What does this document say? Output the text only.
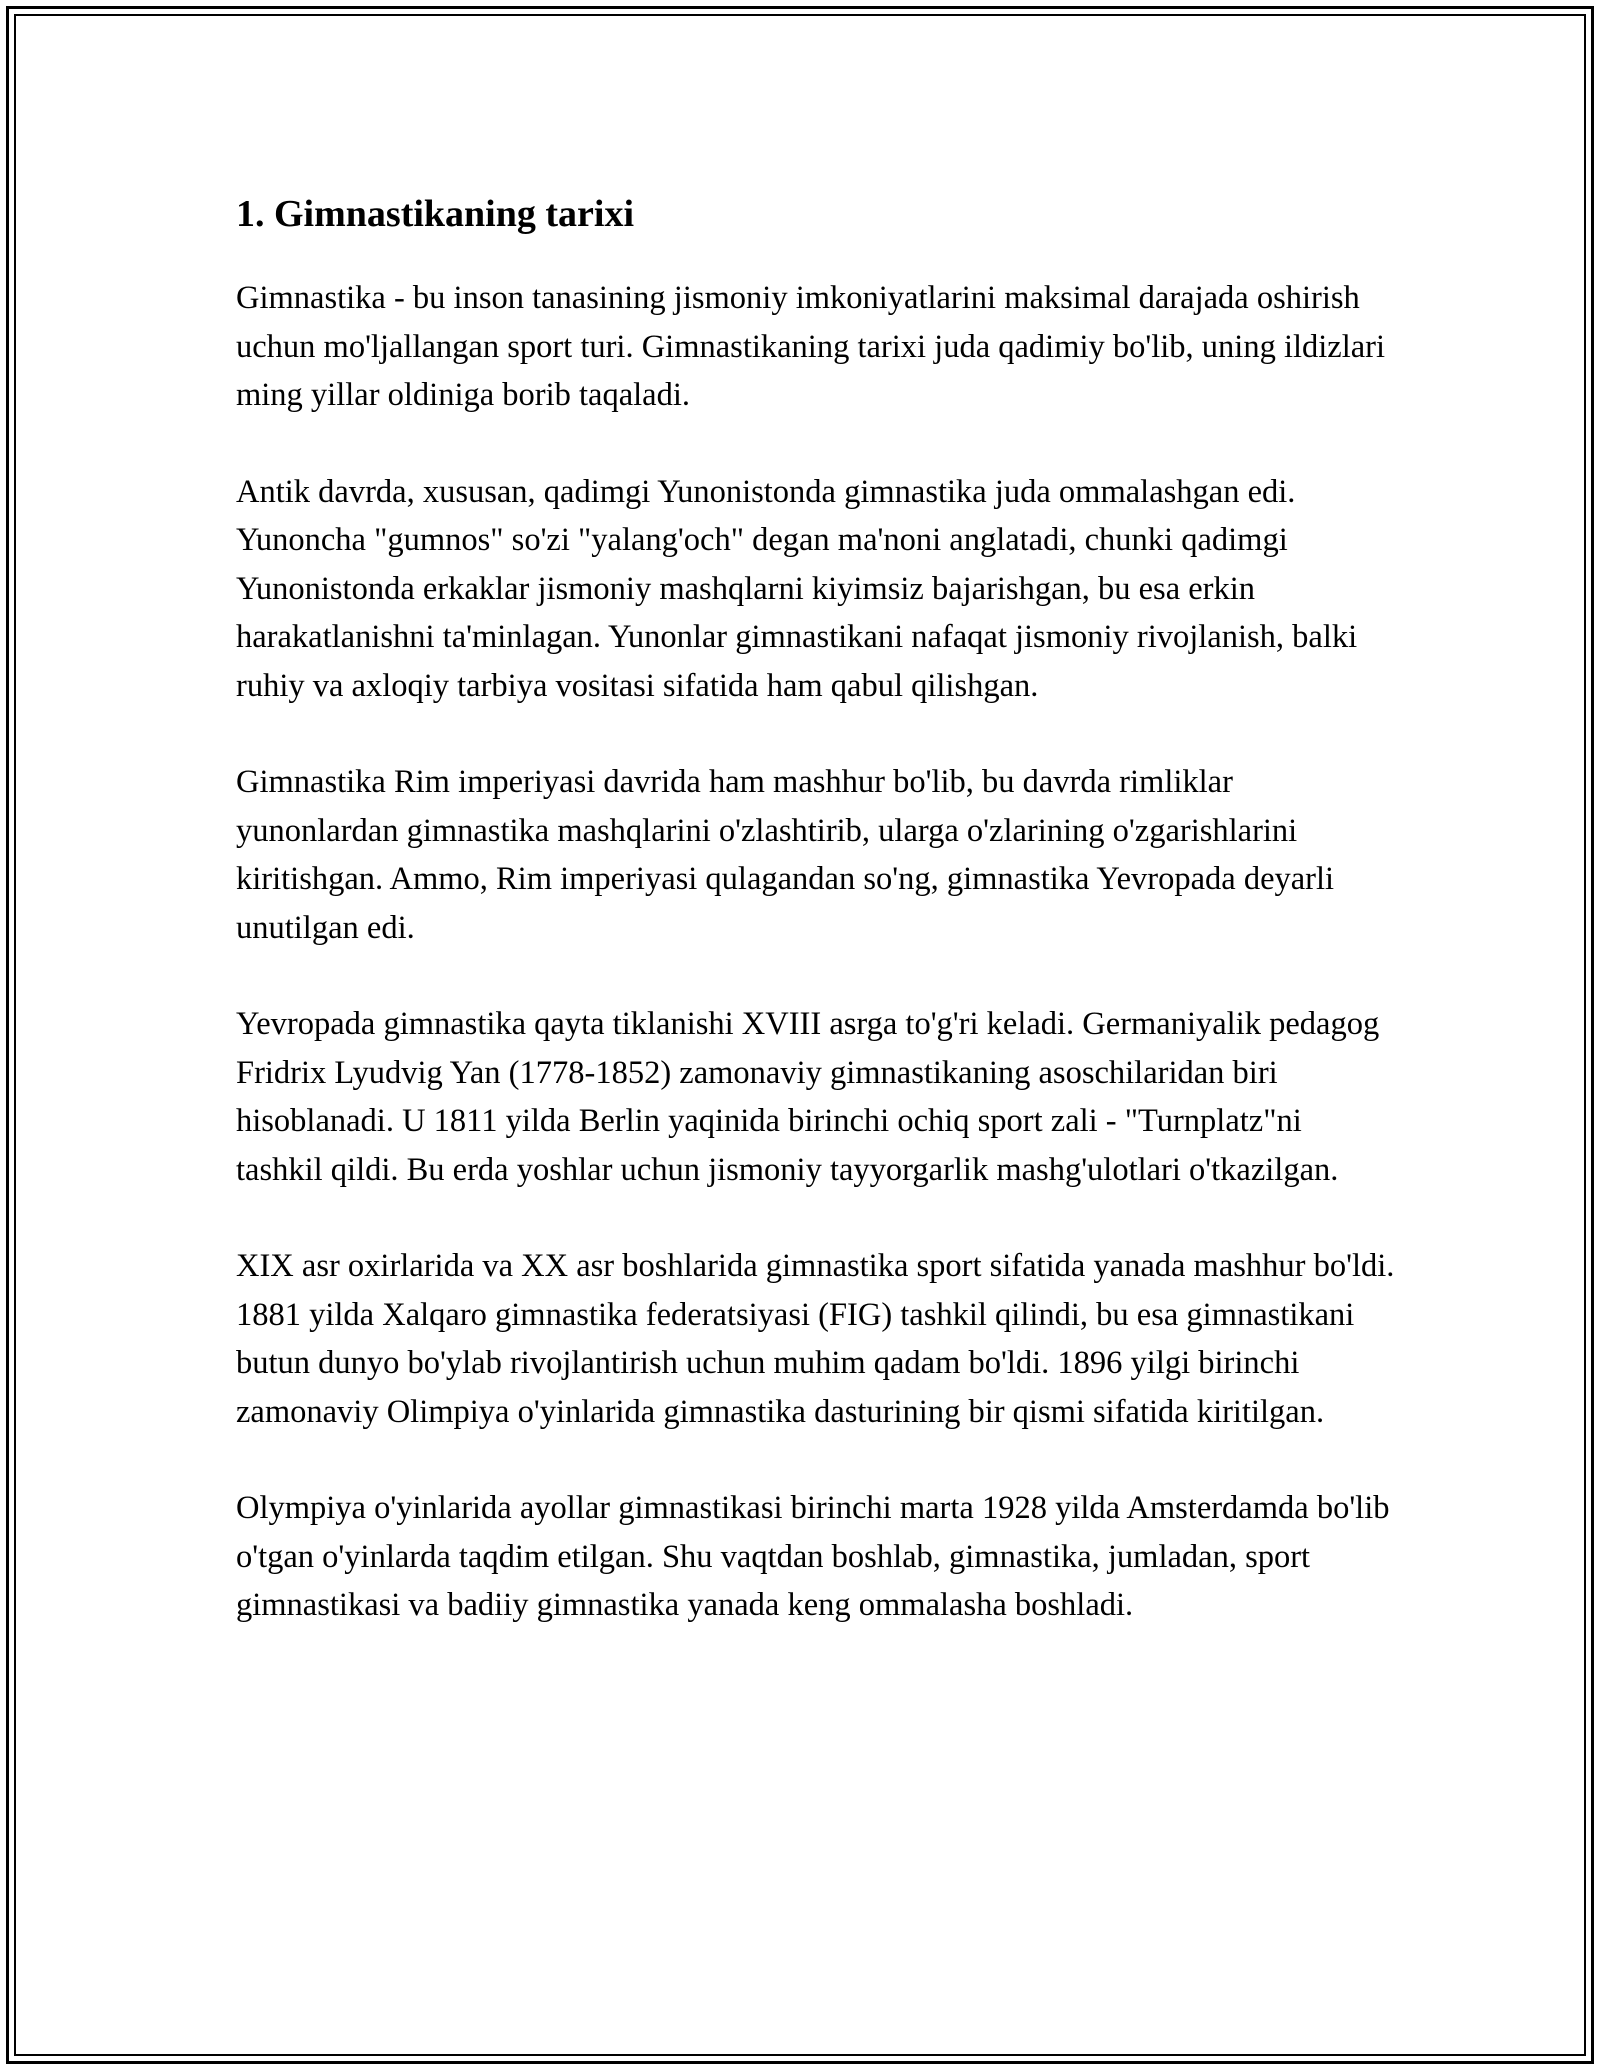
1. Gimnastikaning tarixi

Gimnastika - bu inson tanasining jismoniy imkoniyatlarini maksimal darajada oshirish uchun mo'ljallangan sport turi. Gimnastikaning tarixi juda qadimiy bo'lib, uning ildizlari ming yillar oldiniga borib taqaladi.

Antik davrda, xususan, qadimgi Yunonistonda gimnastika juda ommalashgan edi. Yunoncha "gumnos" so'zi "yalang'och" degan ma'noni anglatadi, chunki qadimgi Yunonistonda erkaklar jismoniy mashqlarni kiyimsiz bajarishgan, bu esa erkin harakatlanishni ta'minlagan. Yunonlar gimnastikani nafaqat jismoniy rivojlanish, balki ruhiy va axloqiy tarbiya vositasi sifatida ham qabul qilishgan.

Gimnastika Rim imperiyasi davrida ham mashhur bo'lib, bu davrda rimliklar yunonlardan gimnastika mashqlarini o'zlashtirib, ularga o'zlarining o'zgarishlarini kiritishgan. Ammo, Rim imperiyasi qulagandan so'ng, gimnastika Yevropada deyarli unutilgan edi.

Yevropada gimnastika qayta tiklanishi XVIII asrga to'g'ri keladi. Germaniyalik pedagog Fridrix Lyudvig Yan (1778-1852) zamonaviy gimnastikaning asoschilaridan biri hisoblanadi. U 1811 yilda Berlin yaqinida birinchi ochiq sport zali - "Turnplatz"ni tashkil qildi. Bu erda yoshlar uchun jismoniy tayyorgarlik mashg'ulotlari o'tkazilgan.

XIX asr oxirlarida va XX asr boshlarida gimnastika sport sifatida yanada mashhur bo'ldi. 1881 yilda Xalqaro gimnastika federatsiyasi (FIG) tashkil qilindi, bu esa gimnastikani butun dunyo bo'ylab rivojlantirish uchun muhim qadam bo'ldi. 1896 yilgi birinchi zamonaviy Olimpiya o'yinlarida gimnastika dasturining bir qismi sifatida kiritilgan.

Olympiya o'yinlarida ayollar gimnastikasi birinchi marta 1928 yilda Amsterdamda bo'lib o'tgan o'yinlarda taqdim etilgan. Shu vaqtdan boshlab, gimnastika, jumladan, sport gimnastikasi va badiiy gimnastika yanada keng ommalasha boshladi.
